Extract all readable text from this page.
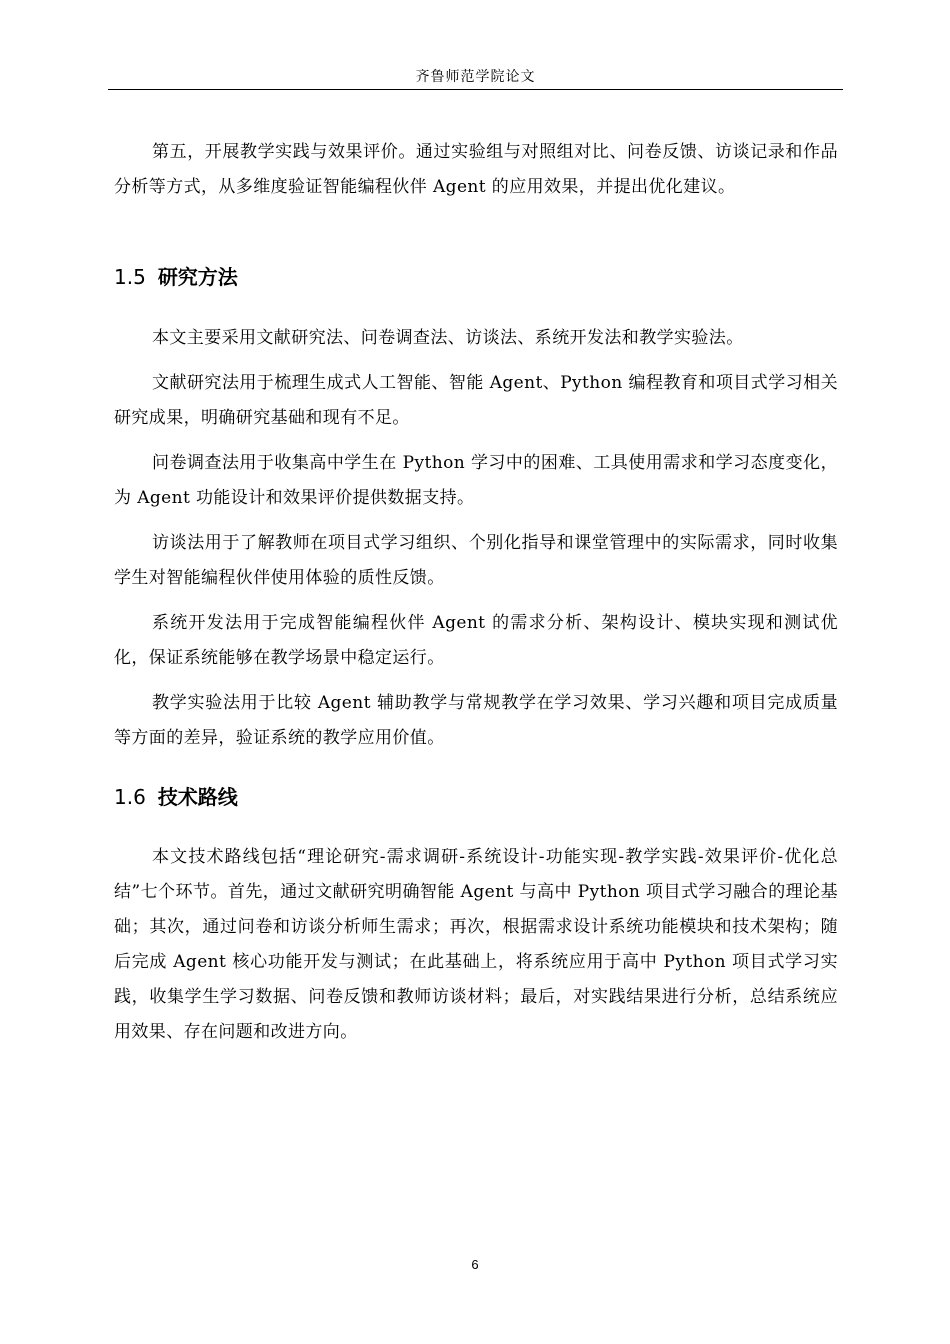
齐鲁师范学院论文

第五，开展教学实践与效果评价。通过实验组与对照组对比、问卷反馈、访谈记录和作品分析等方式，从多维度验证智能编程伙伴 Agent 的应用效果，并提出优化建议。

1.5 研究方法

本文主要采用文献研究法、问卷调查法、访谈法、系统开发法和教学实验法。

文献研究法用于梳理生成式人工智能、智能 Agent、Python 编程教育和项目式学习相关研究成果，明确研究基础和现有不足。

问卷调查法用于收集高中学生在 Python 学习中的困难、工具使用需求和学习态度变化，为 Agent 功能设计和效果评价提供数据支持。

访谈法用于了解教师在项目式学习组织、个别化指导和课堂管理中的实际需求，同时收集学生对智能编程伙伴使用体验的质性反馈。

系统开发法用于完成智能编程伙伴 Agent 的需求分析、架构设计、模块实现和测试优化，保证系统能够在教学场景中稳定运行。

教学实验法用于比较 Agent 辅助教学与常规教学在学习效果、学习兴趣和项目完成质量等方面的差异，验证系统的教学应用价值。

1.6 技术路线

本文技术路线包括“理论研究-需求调研-系统设计-功能实现-教学实践-效果评价-优化总结”七个环节。首先，通过文献研究明确智能 Agent 与高中 Python 项目式学习融合的理论基础；其次，通过问卷和访谈分析师生需求；再次，根据需求设计系统功能模块和技术架构；随后完成 Agent 核心功能开发与测试；在此基础上，将系统应用于高中 Python 项目式学习实践，收集学生学习数据、问卷反馈和教师访谈材料；最后，对实践结果进行分析，总结系统应用效果、存在问题和改进方向。

6
